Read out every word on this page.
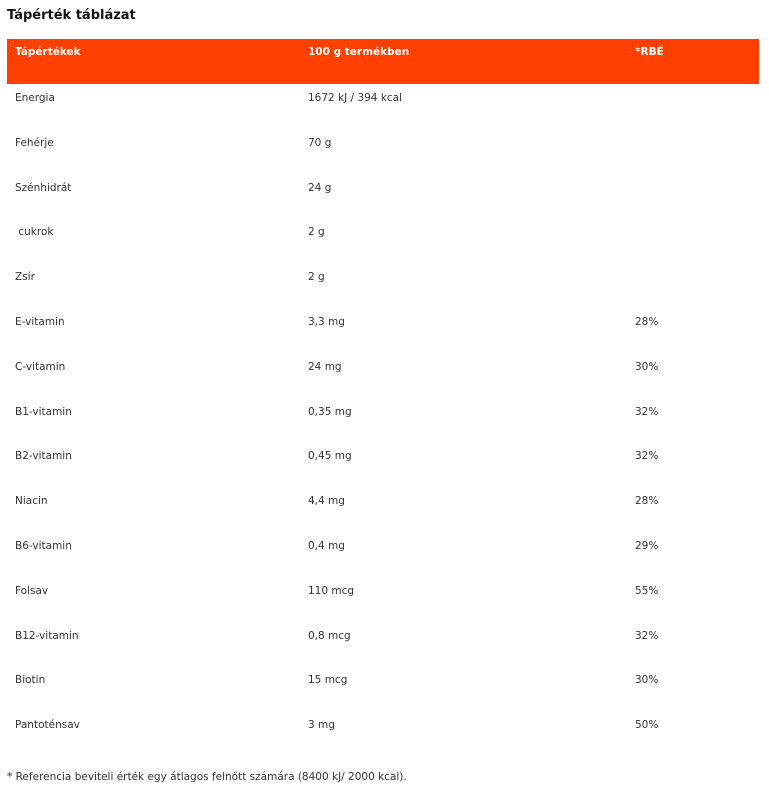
Tápérték táblázat
Tápértékek	100 g termékben	*RBÉ
Energia	1672 kJ / 394 kcal
Fehérje	70 g
Szénhidrát	24 g
cukrok	2 g
Zsír	2 g
E-vitamin	3,3 mg	28%
C-vitamin	24 mg	30%
B1-vitamin	0,35 mg	32%
B2-vitamin	0,45 mg	32%
Niacin	4,4 mg	28%
B6-vitamin	0,4 mg	29%
Folsav	110 mcg	55%
B12-vitamin	0,8 mcg	32%
Biotin	15 mcg	30%
Pantoténsav	3 mg	50%

* Referencia beviteli érték egy átlagos felnőtt számára (8400 kJ/ 2000 kcal).
